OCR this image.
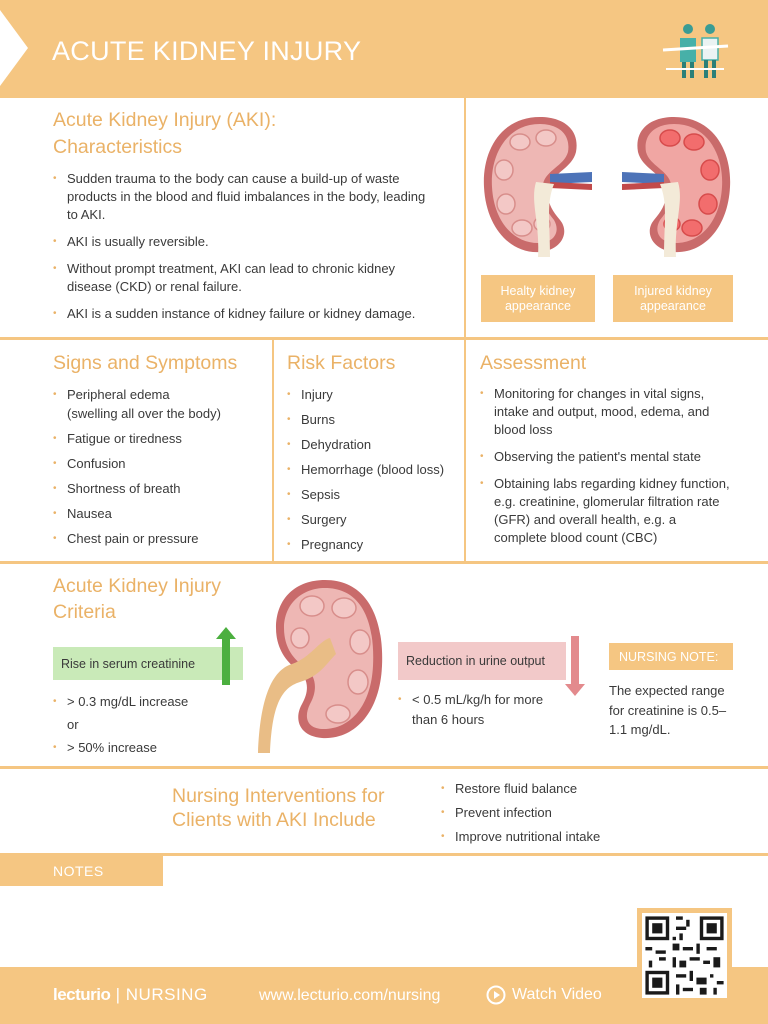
ACUTE KIDNEY INJURY
Acute Kidney Injury (AKI):
Characteristics
• Sudden trauma to the body can cause a build-up of waste products in the blood and fluid imbalances in the body, leading to AKI.
• AKI is usually reversible.
• Without prompt treatment, AKI can lead to chronic kidney disease (CKD) or renal failure.
• AKI is a sudden instance of kidney failure or kidney damage.
Healty kidney
appearance
Injured kidney
appearance
Signs and Symptoms
• Peripheral edema
(swelling all over the body)
• Fatigue or tiredness
• Confusion
• Shortness of breath
• Nausea
• Chest pain or pressure
Risk Factors
• Injury
• Burns
• Dehydration
• Hemorrhage (blood loss)
• Sepsis
• Surgery
• Pregnancy
Assessment
• Monitoring for changes in vital signs, intake and output, mood, edema, and blood loss
• Observing the patient's mental state
• Obtaining labs regarding kidney function, e.g. creatinine, glomerular filtration rate (GFR) and overall health, e.g. a complete blood count (CBC)
Acute Kidney Injury
Criteria
Rise in serum creatinine
• > 0.3 mg/dL increase
or
• > 50% increase
Reduction in urine output
• < 0.5 mL/kg/h for more than 6 hours
NURSING NOTE:
The expected range for creatinine is 0.5–1.1 mg/dL.
Nursing Interventions for
Clients with AKI Include
• Restore fluid balance
• Prevent infection
• Improve nutritional intake
NOTES
lecturio | NURSING	www.lecturio.com/nursing	Watch Video
